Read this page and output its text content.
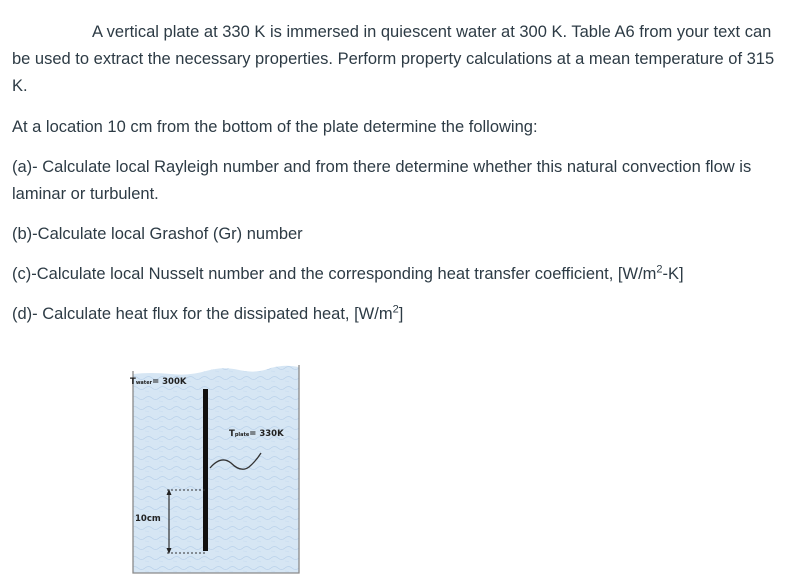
A vertical plate at 330 K is immersed in quiescent water at 300 K. Table A6 from your text can be used to extract the necessary properties. Perform property calculations at a mean temperature of 315 K.

At a location 10 cm from the bottom of the plate determine the following:

(a)- Calculate local Rayleigh number and from there determine whether this natural convection flow is laminar or turbulent.

(b)-Calculate local Grashof (Gr) number

(c)-Calculate local Nusselt number and the corresponding heat transfer coefficient, $[W/m^2-K]$

(d)- Calculate heat flux for the dissipated heat, $[W/m^2]$

Twater= 300K
Tplate= 330K
10cm
